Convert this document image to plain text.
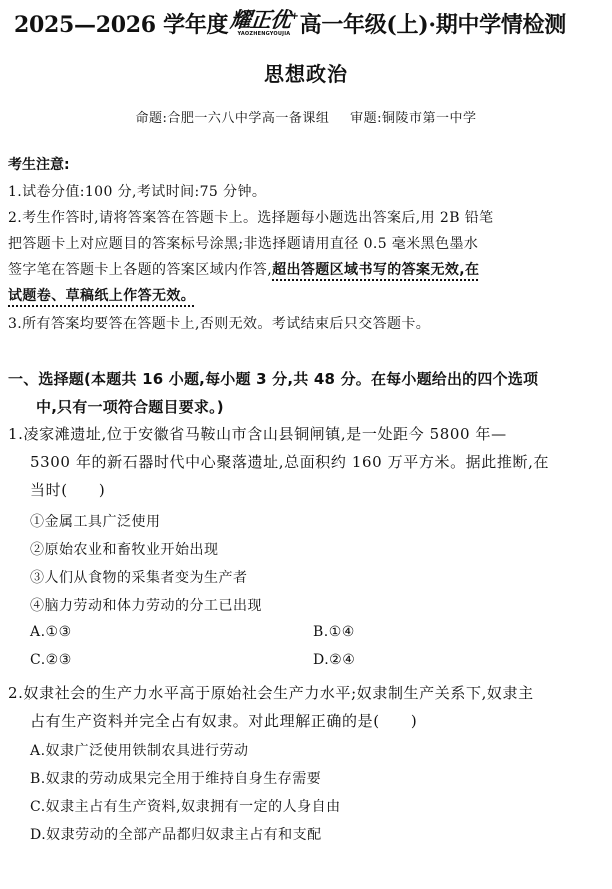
2025—2026 学年度 耀正优+
YAOZHENGYOUJIA 高一年级(上)·期中学情检测
思想政治
命题:合肥一六八中学高一备课组 审题:铜陵市第一中学
考生注意:
1.试卷分值:100 分,考试时间:75 分钟。
2.考生作答时,请将答案答在答题卡上。选择题每小题选出答案后,用 2B 铅笔
把答题卡上对应题目的答案标号涂黑;非选择题请用直径 0.5 毫米黑色墨水
签字笔在答题卡上各题的答案区域内作答,超出答题区域书写的答案无效,在
试题卷、草稿纸上作答无效。
3.所有答案均要答在答题卡上,否则无效。考试结束后只交答题卡。
一、选择题(本题共 16 小题,每小题 3 分,共 48 分。在每小题给出的四个选项
中,只有一项符合题目要求。)
1.凌家滩遗址,位于安徽省马鞍山市含山县铜闸镇,是一处距今 5800 年—
5300 年的新石器时代中心聚落遗址,总面积约 160 万平方米。据此推断,在
当时(　　)
①金属工具广泛使用
②原始农业和畜牧业开始出现
③人们从食物的采集者变为生产者
④脑力劳动和体力劳动的分工已出现
A.①③	B.①④
C.②③	D.②④
2.奴隶社会的生产力水平高于原始社会生产力水平;奴隶制生产关系下,奴隶主
占有生产资料并完全占有奴隶。对此理解正确的是(　　)
A.奴隶广泛使用铁制农具进行劳动
B.奴隶的劳动成果完全用于维持自身生存需要
C.奴隶主占有生产资料,奴隶拥有一定的人身自由
D.奴隶劳动的全部产品都归奴隶主占有和支配
